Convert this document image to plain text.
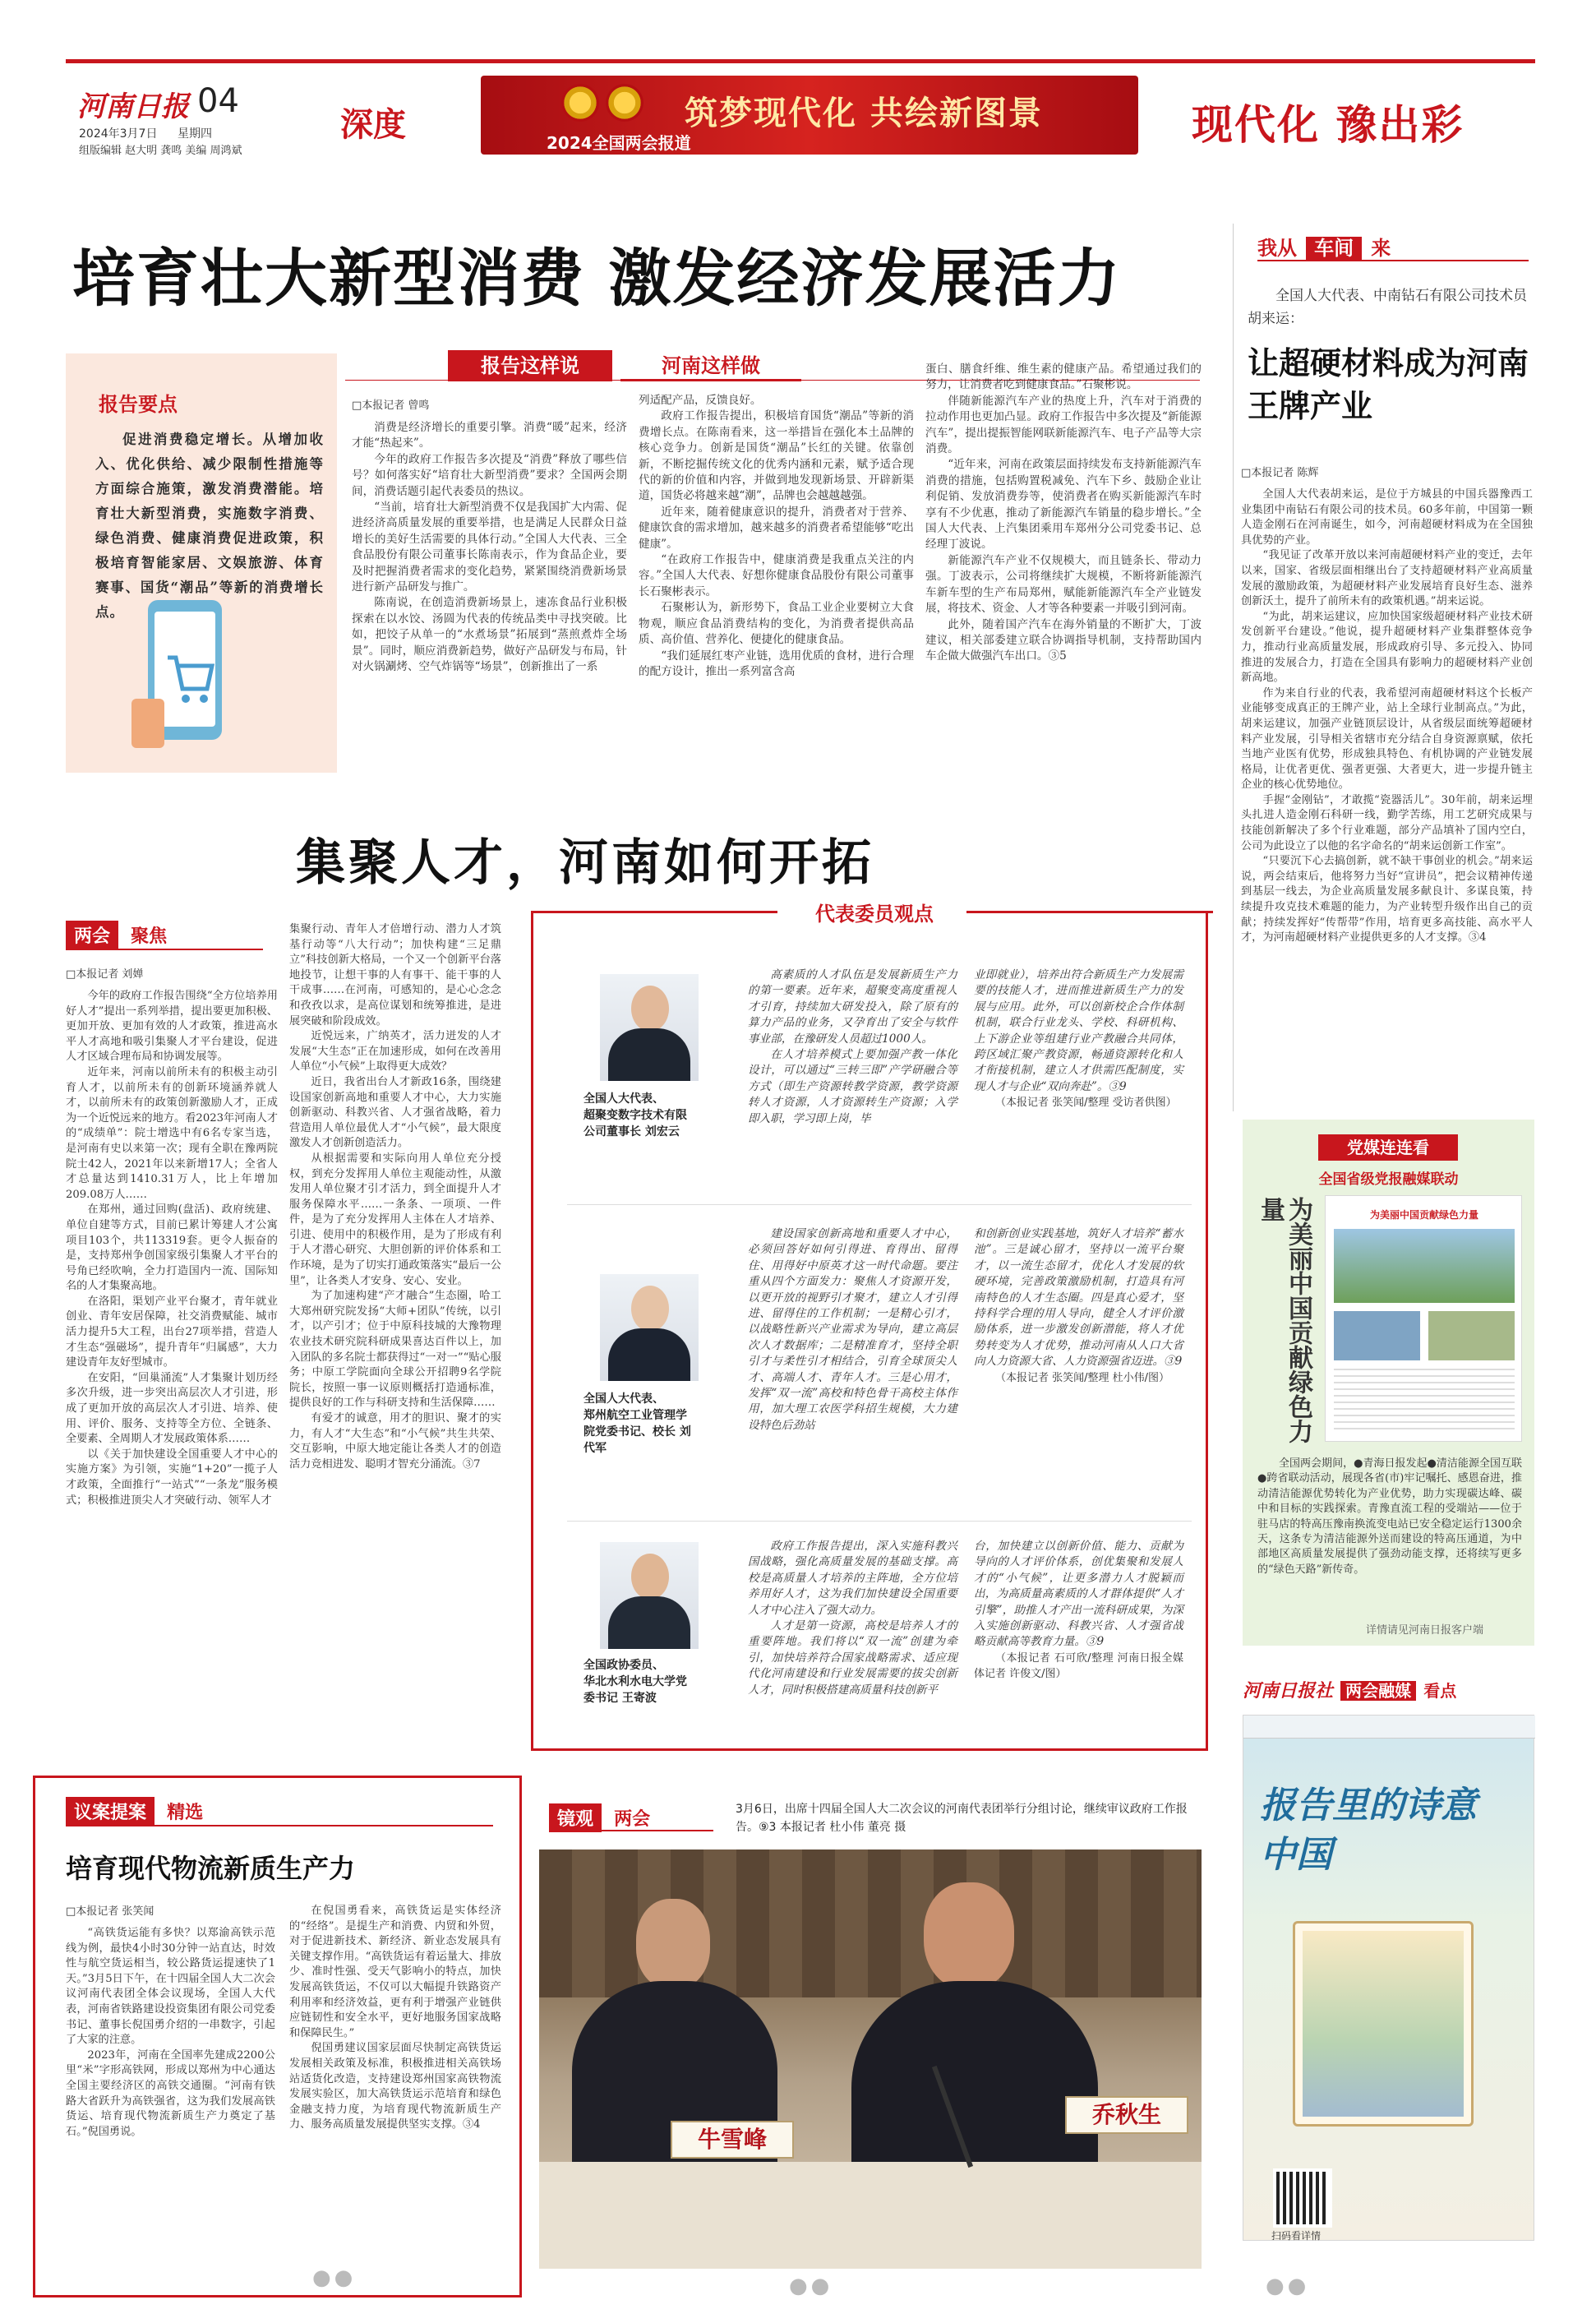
河南日报 04
2024年3月7日 星期四
组版编辑 赵大明 龚鸣 美编 周鸿斌
深度	筑梦现代化 共绘新图景
2024全国两会报道	现代化 豫出彩
培育壮大新型消费 激发经济发展活力
报告这样说	河南这样做
报告要点
促进消费稳定增长。从增加收入、优化供给、减少限制性措施等方面综合施策，激发消费潜能。培育壮大新型消费，实施数字消费、绿色消费、健康消费促进政策，积极培育智能家居、文娱旅游、体育赛事、国货“潮品”等新的消费增长点。
□本报记者 曾鸣

消费是经济增长的重要引擎。消费“暖”起来，经济才能“热起来”。

今年的政府工作报告多次提及“消费”释放了哪些信号？如何落实好“培育壮大新型消费”要求？全国两会期间，消费话题引起代表委员的热议。

“当前，培育壮大新型消费不仅是我国扩大内需、促进经济高质量发展的重要举措，也是满足人民群众日益增长的美好生活需要的具体行动。”全国人大代表、三全食品股份有限公司董事长陈南表示，作为食品企业，要及时把握消费者需求的变化趋势，紧紧围绕消费新场景进行新产品研发与推广。

陈南说，在创造消费新场景上，速冻食品行业积极探索在以水饺、汤圆为代表的传统品类中寻找突破。比如，把饺子从单一的“水煮场景”拓展到“蒸煎煮炸全场景”。同时，顺应消费新趋势，做好产品研发与布局，针对火锅涮烤、空气炸锅等“场景”，创新推出了一系

列适配产品，反馈良好。

政府工作报告提出，积极培育国货“潮品”等新的消费增长点。在陈南看来，这一举措旨在强化本土品牌的核心竞争力。创新是国货“潮品”长红的关键。依靠创新，不断挖掘传统文化的优秀内涵和元素，赋予适合现代的新的价值和内容，并做到地发现新场景、开辟新渠道，国货必将越来越“潮”，品牌也会越越越强。

近年来，随着健康意识的提升，消费者对于营养、健康饮食的需求增加，越来越多的消费者希望能够“吃出健康”。

“在政府工作报告中，健康消费是我重点关注的内容。”全国人大代表、好想你健康食品股份有限公司董事长石聚彬表示。

石聚彬认为，新形势下，食品工业企业要树立大食物观，顺应食品消费结构的变化，为消费者提供高品质、高价值、营养化、便捷化的健康食品。

“我们延展红枣产业链，选用优质的食材，进行合理的配方设计，推出一系列富含高

蛋白、膳食纤维、维生素的健康产品。希望通过我们的努力，让消费者吃到健康食品。”石聚彬说。

伴随新能源汽车产业的热度上升，汽车对于消费的拉动作用也更加凸显。政府工作报告中多次提及“新能源汽车”，提出提振智能网联新能源汽车、电子产品等大宗消费。

“近年来，河南在政策层面持续发布支持新能源汽车消费的措施，包括购置税减免、汽车下乡、鼓励企业让利促销、发放消费券等，使消费者在购买新能源汽车时享有不少优惠，推动了新能源汽车销量的稳步增长。”全国人大代表、上汽集团乘用车郑州分公司党委书记、总经理丁波说。

新能源汽车产业不仅规模大，而且链条长、带动力强。丁波表示，公司将继续扩大规模，不断将新能源汽车新车型的生产布局郑州，赋能新能源汽车全产业链发展，将技术、资金、人才等各种要素一并吸引到河南。

此外，随着国产汽车在海外销量的不断扩大，丁波建议，相关部委建立联合协调指导机制，支持帮助国内车企做大做强汽车出口。③5

我从 车间 来
全国人大代表、中南钻石有限公司技术员胡来运：
让超硬材料成为河南王牌产业
□本报记者 陈辉

全国人大代表胡来运，是位于方城县的中国兵器豫西工业集团中南钻石有限公司的技术员。60多年前，中国第一颗人造金刚石在河南诞生，如今，河南超硬材料成为在全国独具优势的产业。

“我见证了改革开放以来河南超硬材料产业的变迁，去年以来，国家、省级层面相继出台了支持超硬材料产业高质量发展的激励政策，为超硬材料产业发展培育良好生态、滋养创新沃土，提升了前所未有的政策机遇。”胡来运说。

“为此，胡来运建议，应加快国家级超硬材料产业技术研发创新平台建设。”他说，提升超硬材料产业集群整体竞争力，推动行业高质量发展，形成政府引导、多元投入、协同推进的发展合力，打造在全国具有影响力的超硬材料产业创新高地。

作为来自行业的代表，我希望河南超硬材料这个长板产业能够变成真正的王牌产业，站上全球行业制高点。”为此，胡来运建议，加强产业链顶层设计，从省级层面统筹超硬材料产业发展，引导相关省辖市充分结合自身资源禀赋，依托当地产业医有优势，形成独具特色、有机协调的产业链发展格局，让优者更优、强者更强、大者更大，进一步提升链主企业的核心优势地位。

手握“金刚钻”，才敢揽“瓷器活儿”。30年前，胡来运埋头扎进人造金刚石科研一线，勤学苦练，用工艺研究成果与技能创新解决了多个行业难题，部分产品填补了国内空白，公司为此设立了以他的名字命名的“胡来运创新工作室”。

“只要沉下心去搞创新，就不缺干事创业的机会。”胡来运说，两会结束后，他将努力当好“宣讲员”，把会议精神传递到基层一线去，为企业高质量发展多献良计、多谋良策，持续提升攻克技术难题的能力，为产业转型升级作出自己的贡献；持续发挥好“传帮带”作用，培育更多高技能、高水平人才，为河南超硬材料产业提供更多的人才支撑。③4

党媒连连看
全国省级党报融媒联动
为美丽中国贡献绿色力量	为美丽中国贡献绿色力量

全国两会期间，●青海日报发起●清洁能源全国互联●跨省联动活动，展现各省(市)牢记嘱托、感恩奋进，推动清洁能源优势转化为产业优势，助力实现碳达峰、碳中和目标的实践探索。青豫直流工程的受端站——位于驻马店的特高压豫南换流变电站已安全稳定运行1300余天，这条专为清洁能源外送而建设的特高压通道，为中部地区高质量发展提供了强劲动能支撑，还将续写更多的“绿色天路”新传奇。

详情请见河南日报客户端
河南日报社 两会融媒 看点
报告里的诗意中国
扫码看详情
集聚人才，河南如何开拓
两会 聚焦
□本报记者 刘婵

今年的政府工作报告围绕“全方位培养用好人才”提出一系列举措，提出要更加积极、更加开放、更加有效的人才政策，推进高水平人才高地和吸引集聚人才平台建设，促进人才区域合理布局和协调发展等。

近年来，河南以前所未有的积极主动引育人才，以前所未有的创新环境涵养就人才，以前所未有的政策创新激励人才，正成为一个近悦远来的地方。看2023年河南人才的“成绩单”：院士增选中有6名专家当选，是河南有史以来第一次；现有全职在豫两院院士42人，2021年以来新增17人；全省人才总量达到1410.31万人，比上年增加209.08万人……

在郑州，通过回购(盘活)、政府统建、单位自建等方式，目前已累计筹建人才公寓项目103个，共113319套。更令人振奋的是，支持郑州争创国家级引集聚人才平台的号角已经吹响，全力打造国内一流、国际知名的人才集聚高地。

在洛阳，渠划产业平台聚才，青年就业创业、青年安居保障，社交消费赋能、城市活力提升5大工程，出台27项举措，营造人才生态“强磁场”，提升青年“归属感”，大力建设青年友好型城市。

在安阳，“回巢涌流”人才集聚计划历经多次升级，进一步突出高层次人才引进，形成了更加开放的高层次人才引进、培养、使用、评价、服务、支持等全方位、全链条、全要素、全周期人才发展政策体系……

以《关于加快建设全国重要人才中心的实施方案》为引领，实施“1+20”一揽子人才政策，全面推行“一站式”“一条龙”服务模式；积极推进顶尖人才突破行动、领军人才

集聚行动、青年人才倍增行动、潜力人才筑基行动等“八大行动”；加快构建“三足鼎立”科技创新大格局，一个又一个创新平台落地投节，让想干事的人有事干、能干事的人干成事……在河南，可感知的，是心心念念和孜孜以求，是高位谋划和统筹推进，是进展突破和阶段成效。

近悦远来，广纳英才，活力迸发的人才发展“大生态”正在加速形成，如何在改善用人单位“小气候”上取得更大成效？

近日，我省出台人才新政16条，围绕建设国家创新高地和重要人才中心，大力实施创新驱动、科教兴省、人才强省战略，着力营造用人单位最优人才“小气候”，最大限度激发人才创新创造活力。

从根据需要和实际向用人单位充分授权，到充分发挥用人单位主观能动性，从激发用人单位聚才引才活力，到全面提升人才服务保障水平……一条条、一项项、一件件，是为了充分发挥用人主体在人才培养、引进、使用中的积极作用，是为了形成有利于人才潜心研究、大胆创新的评价体系和工作环境，是为了切实打通政策落实“最后一公里”，让各类人才安身、安心、安业。

为了加速构建“产才融合”生态圈，哈工大郑州研究院发扬“大师+团队”传统，以引才，以产引才；位于中原科技城的大豫物理农业技术研究院科研成果喜达百件以上，加入团队的多名院士都获得过“一对一”“贴心服务；中原工学院面向全球公开招聘9名学院院长，按照一事一议原则概括打造通标准，提供良好的工作与科研支持和生活保障……

有爱才的诚意，用才的胆识、聚才的实力，有人才“大生态”和“小气候”共生共荣、交互影响，中原大地定能让各类人才的创造活力竞相进发、聪明才智充分涌流。③7

代表委员观点
全国人大代表、
超聚变数字技术有限
公司董事长 刘宏云

高素质的人才队伍是发展新质生产力的第一要素。近年来，超聚变高度重视人才引育，持续加大研发投入，除了原有的算力产品的业务，又孕育出了安全与软件事业部，在豫研发人员超过1000人。

在人才培养模式上要加强产教一体化设计，可以通过“三转三即”产学研融合等方式（即生产资源转教学资源，教学资源转人才资源，人才资源转生产资源；入学即入职，学习即上岗，毕

业即就业），培养出符合新质生产力发展需要的技能人才，进而推进新质生产力的发展与应用。此外，可以创新校企合作体制机制，联合行业龙头、学校、科研机构、上下游企业等组建行业产教融合共同体，跨区域汇聚产教资源，畅通资源转化和人才衔接机制，建立人才供需匹配制度，实现人才与企业“双向奔赴”。③9

（本报记者 张笑闻/整理 受访者供图）

全国人大代表、
郑州航空工业管理学
院党委书记、校长 刘
代军

建设国家创新高地和重要人才中心，必须回答好如何引得进、育得出、留得住、用得好中原英才这一时代命题。要注重从四个方面发力：聚焦人才资源开发，以更开放的视野引才聚才，建立人才引得进、留得住的工作机制；一是精心引才，以战略性新兴产业需求为导向，建立高层次人才数据库；二是精准育才，坚持全职引才与柔性引才相结合，引育全球顶尖人才、高端人才、青年人才。三是心用才，发挥“双一流”高校和特色骨干高校主体作用，加大理工农医学科招生规模，大力建设特色后劲站

和创新创业实践基地，筑好人才培养“蓄水池”。三是诚心留才，坚持以一流平台聚才，以一流生态留才，优化人才发展的软硬环境，完善政策激励机制，打造具有河南特色的人才生态圈。四是真心爱才，坚持科学合理的用人导向，健全人才评价激励体系，进一步激发创新潜能，将人才优势转变为人才优势，推动河南从人口大省向人力资源大省、人力资源强省迈进。③9

（本报记者 张笑闻/整理 杜小伟/图）

全国政协委员、
华北水利水电大学党
委书记 王寄波

政府工作报告提出，深入实施科教兴国战略，强化高质量发展的基础支撑。高校是高质量人才培养的主阵地，全方位培养用好人才，这为我们加快建设全国重要人才中心注入了强大动力。

人才是第一资源，高校是培养人才的重要阵地。我们将以“双一流”创建为牵引，加快培养符合国家战略需求、适应现代化河南建设和行业发展需要的拔尖创新人才，同时积极搭建高质量科技创新平

台，加快建立以创新价值、能力、贡献为导向的人才评价体系，创优集聚和发展人才的“小气候”，让更多潜力人才脱颖而出，为高质量高素质的人才群体提供“人才引擎”，助推人才产出一流科研成果，为深入实施创新驱动、科教兴省、人才强省战略贡献高等教育力量。③9

（本报记者 石可欣/整理 河南日报全媒体记者 许俊文/图）

议案提案 精选
培育现代物流新质生产力
□本报记者 张笑闻

“高铁货运能有多快？以郑渝高铁示范线为例，最快4小时30分钟一站直达，时效性与航空货运相当，较公路货运提速快了1天。”3月5日下午，在十四届全国人大二次会议河南代表团全体会议现场，全国人大代表，河南省铁路建设投资集团有限公司党委书记、董事长倪国勇介绍的一串数字，引起了大家的注意。

2023年，河南在全国率先建成2200公里“米”字形高铁网，形成以郑州为中心通达全国主要经济区的高铁交通圈。“河南有铁路大省跃升为高铁强省，这为我们发展高铁货运、培育现代物流新质生产力奠定了基石。”倪国勇说。

在倪国勇看来，高铁货运是实体经济的“经络”。是提生产和消费、内贸和外贸，对于促进新技术、新经济、新业态发展具有关键支撑作用。“高铁货运有着运量大、排放少、准时性强、受天气影响小的特点，加快发展高铁货运，不仅可以大幅提升铁路资产利用率和经济效益，更有利于增强产业链供应链韧性和安全水平，更好地服务国家战略和保障民生。”

倪国勇建议国家层面尽快制定高铁货运发展相关政策及标准，积极推进相关高铁场站适货化改造，支持建设郑州国家高铁物流发展实验区，加大高铁货运示范培育和绿色金融支持力度，为培育现代物流新质生产力、服务高质量发展提供坚实支撑。③4

镜观 两会	3月6日，出席十四届全国人大二次会议的河南代表团举行分组讨论，继续审议政府工作报告。⑨3 本报记者 杜小伟 董亮 摄
牛雪峰
乔秋生
●●	●●	●●
